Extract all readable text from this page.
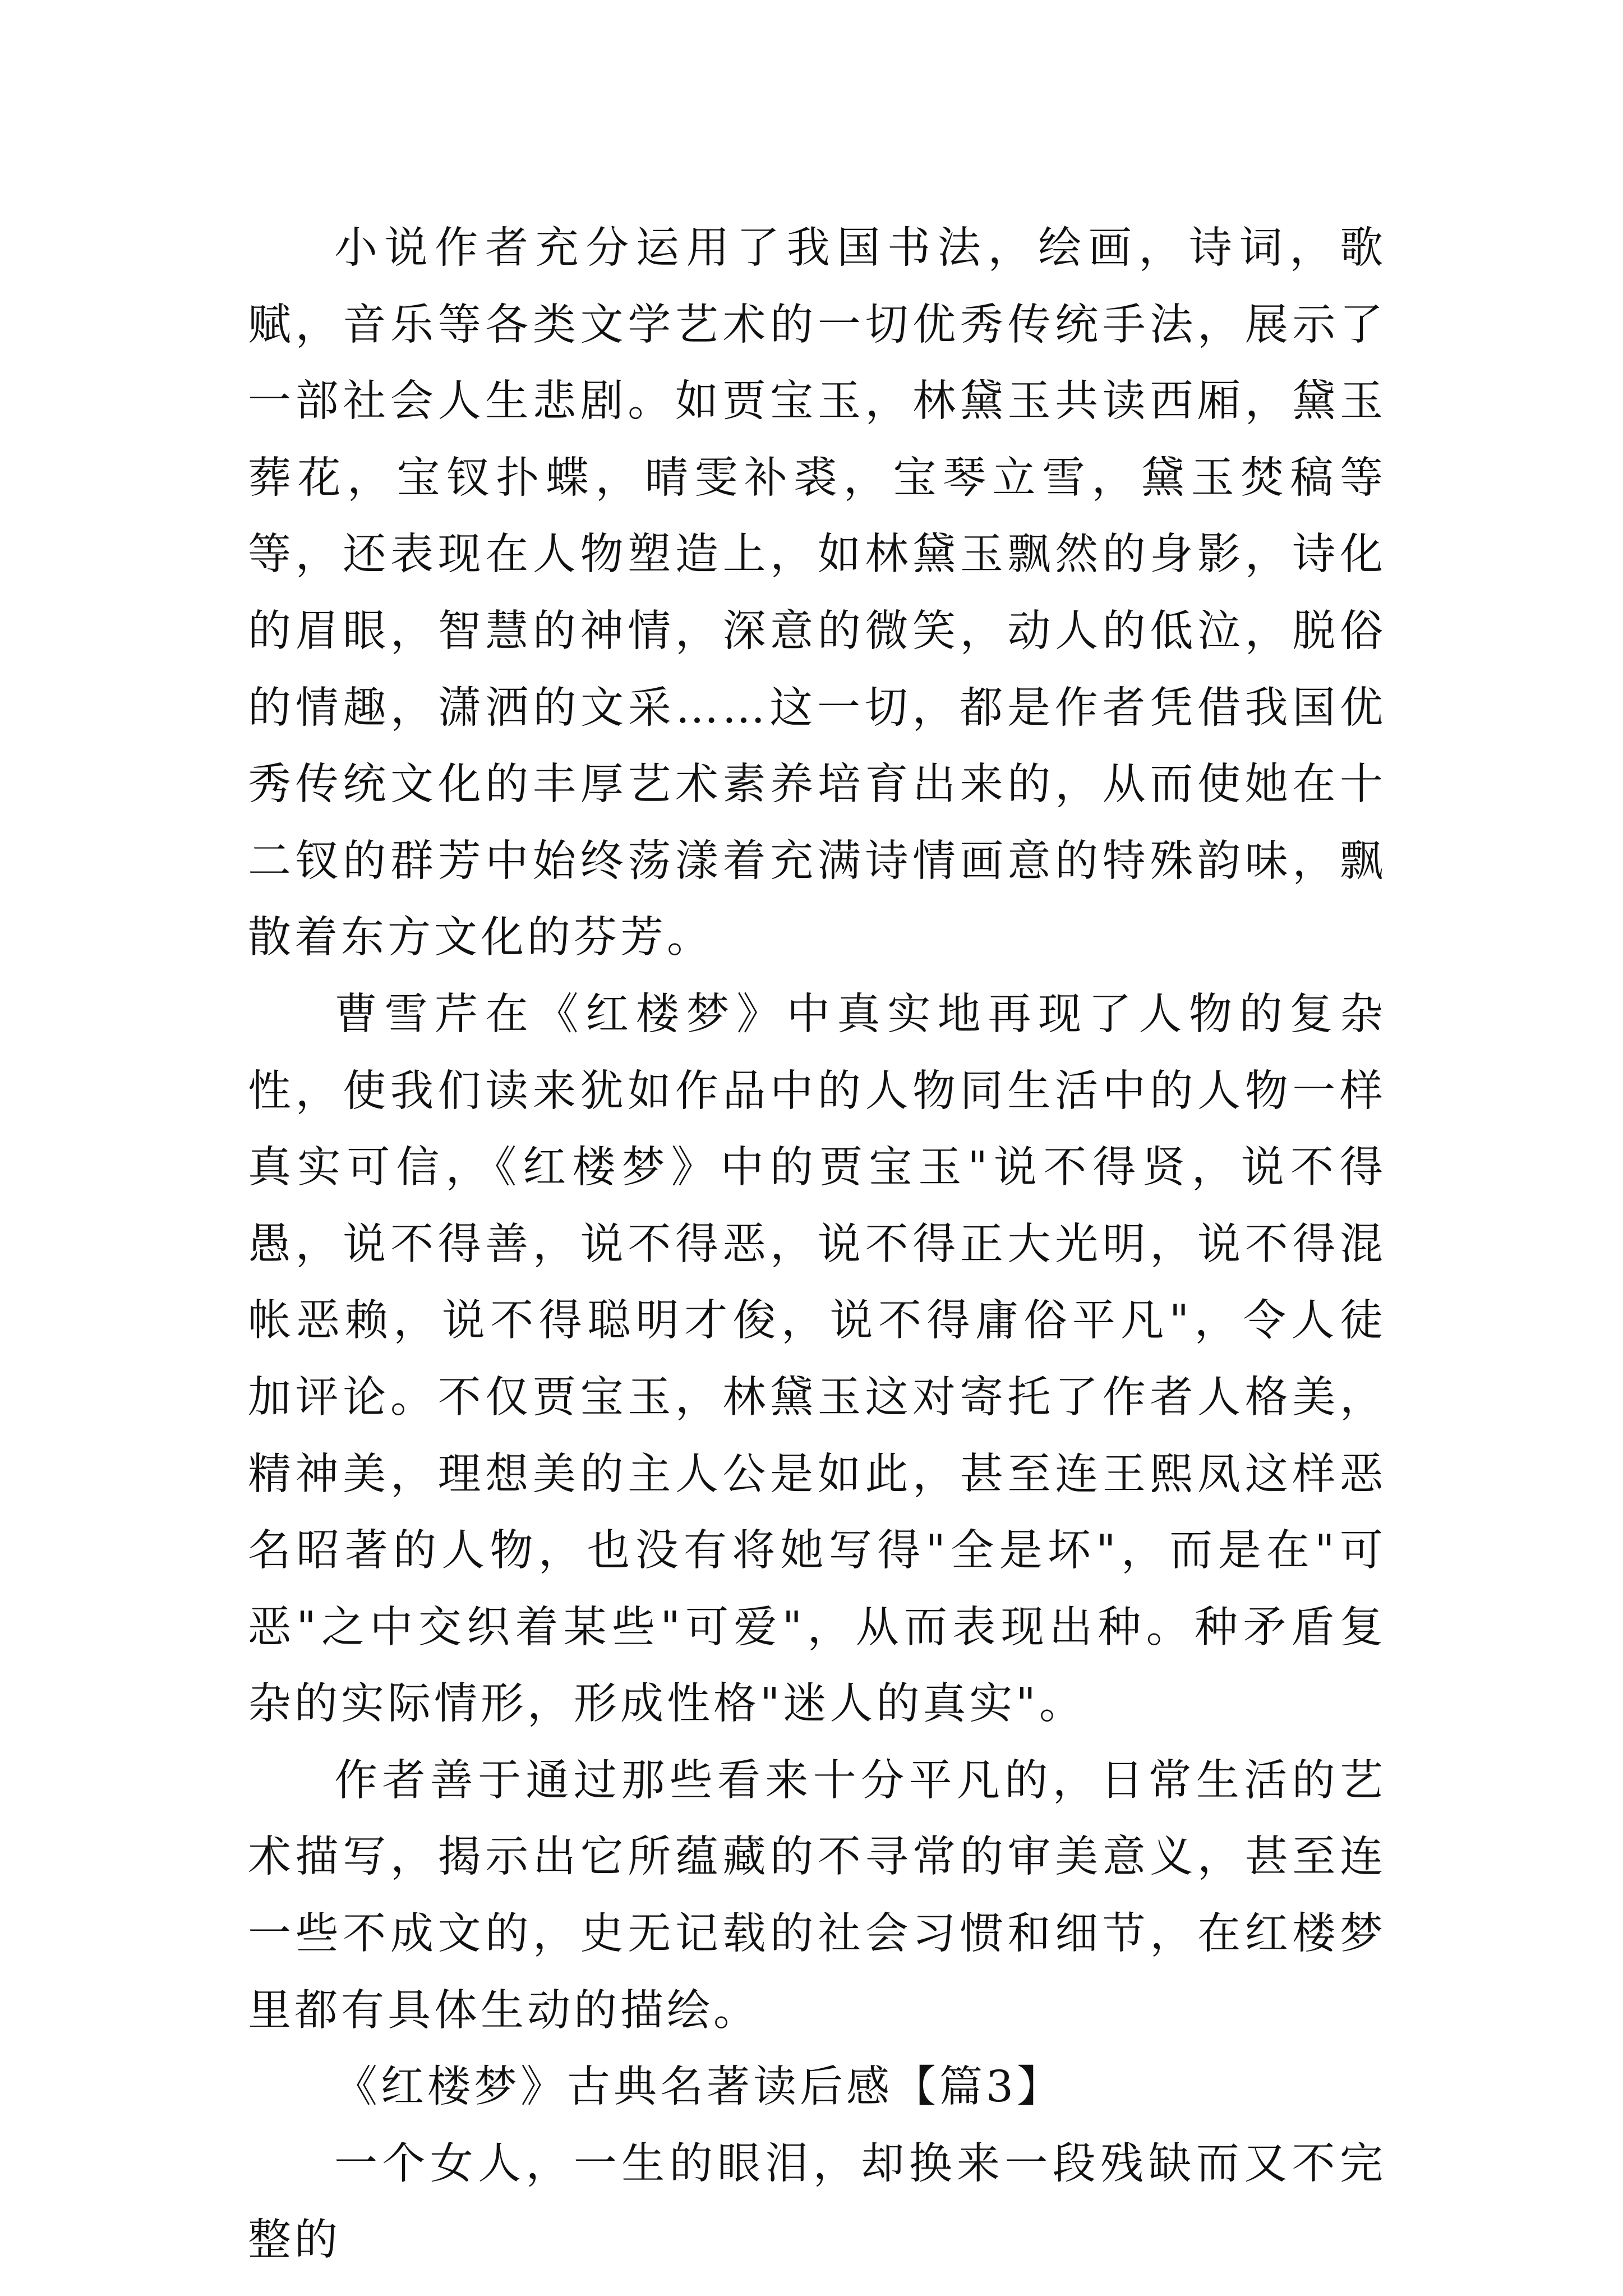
小说作者充分运用了我国书法，绘画，诗词，歌赋，音乐等各类文学艺术的一切优秀传统手法，展示了一部社会人生悲剧。如贾宝玉，林黛玉共读西厢，黛玉葬花，宝钗扑蝶，晴雯补裘，宝琴立雪，黛玉焚稿等等，还表现在人物塑造上，如林黛玉飘然的身影，诗化的眉眼，智慧的神情，深意的微笑，动人的低泣，脱俗的情趣，潇洒的文采……这一切，都是作者凭借我国优秀传统文化的丰厚艺术素养培育出来的，从而使她在十二钗的群芳中始终荡漾着充满诗情画意的特殊韵味，飘散着东方文化的芬芳。

曹雪芹在《红楼梦》中真实地再现了人物的复杂性，使我们读来犹如作品中的人物同生活中的人物一样真实可信，《红楼梦》中的贾宝玉"说不得贤，说不得愚，说不得善，说不得恶，说不得正大光明，说不得混帐恶赖，说不得聪明才俊，说不得庸俗平凡"，令人徒加评论。不仅贾宝玉，林黛玉这对寄托了作者人格美，精神美，理想美的主人公是如此，甚至连王熙凤这样恶名昭著的人物，也没有将她写得"全是坏"，而是在"可恶"之中交织着某些"可爱"，从而表现出种。种矛盾复杂的实际情形，形成性格"迷人的真实"。

作者善于通过那些看来十分平凡的，日常生活的艺术描写，揭示出它所蕴藏的不寻常的审美意义，甚至连一些不成文的，史无记载的社会习惯和细节，在红楼梦里都有具体生动的描绘。

《红楼梦》古典名著读后感【篇3】

一个女人，一生的眼泪，却换来一段残缺而又不完整的
